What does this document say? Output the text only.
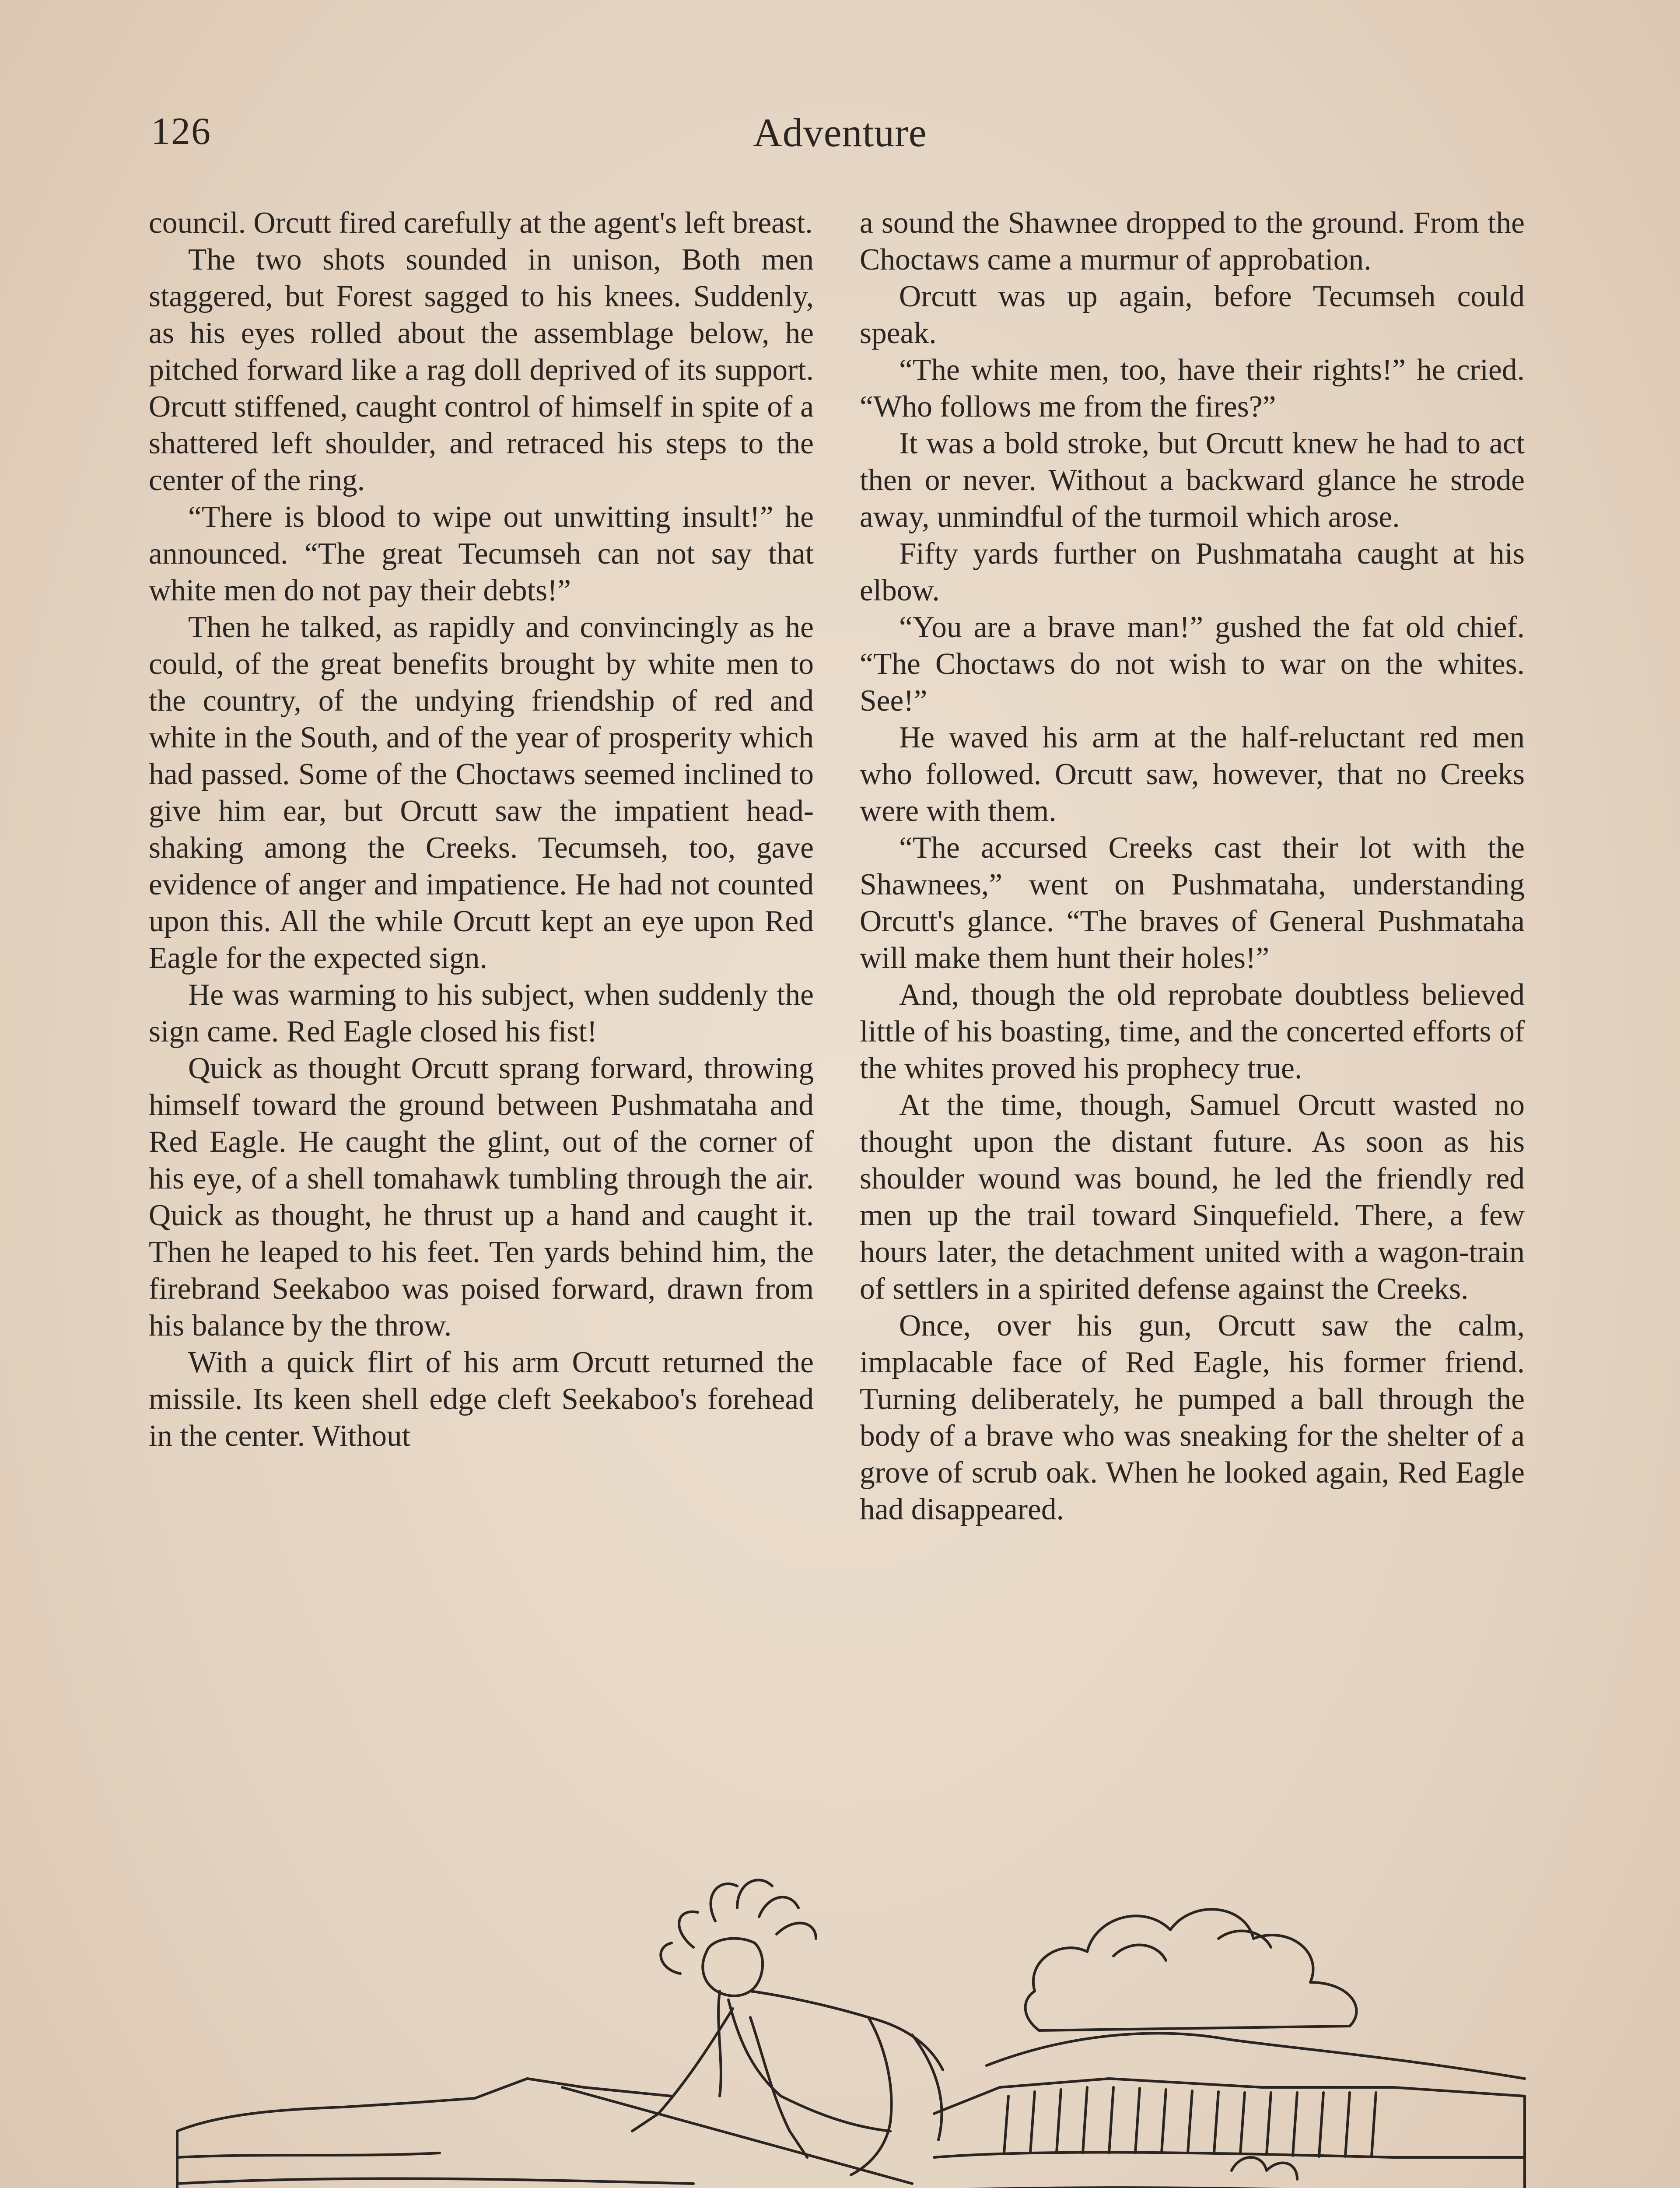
126	Adventure

council. Orcutt fired carefully at the agent's left breast.

The two shots sounded in unison, Both men staggered, but Forest sagged to his knees. Suddenly, as his eyes rolled about the assemblage below, he pitched forward like a rag doll deprived of its support. Orcutt stiffened, caught control of himself in spite of a shattered left shoulder, and retraced his steps to the center of the ring.

“There is blood to wipe out unwitting insult!” he announced. “The great Tecumseh can not say that white men do not pay their debts!”

Then he talked, as rapidly and convincingly as he could, of the great benefits brought by white men to the country, of the undying friendship of red and white in the South, and of the year of prosperity which had passed. Some of the Choctaws seemed inclined to give him ear, but Orcutt saw the impatient head-shaking among the Creeks. Tecumseh, too, gave evidence of anger and impatience. He had not counted upon this. All the while Orcutt kept an eye upon Red Eagle for the expected sign.

He was warming to his subject, when suddenly the sign came. Red Eagle closed his fist!

Quick as thought Orcutt sprang forward, throwing himself toward the ground between Pushmataha and Red Eagle. He caught the glint, out of the corner of his eye, of a shell tomahawk tumbling through the air. Quick as thought, he thrust up a hand and caught it. Then he leaped to his feet. Ten yards behind him, the firebrand Seekaboo was poised forward, drawn from his balance by the throw.

With a quick flirt of his arm Orcutt returned the missile. Its keen shell edge cleft Seekaboo's forehead in the center. Without

a sound the Shawnee dropped to the ground. From the Choctaws came a murmur of approbation.

Orcutt was up again, before Tecumseh could speak.

“The white men, too, have their rights!” he cried. “Who follows me from the fires?”

It was a bold stroke, but Orcutt knew he had to act then or never. Without a backward glance he strode away, unmindful of the turmoil which arose.

Fifty yards further on Pushmataha caught at his elbow.

“You are a brave man!” gushed the fat old chief. “The Choctaws do not wish to war on the whites. See!”

He waved his arm at the half-reluctant red men who followed. Orcutt saw, however, that no Creeks were with them.

“The accursed Creeks cast their lot with the Shawnees,” went on Pushmataha, understanding Orcutt's glance. “The braves of General Pushmataha will make them hunt their holes!”

And, though the old reprobate doubtless believed little of his boasting, time, and the concerted efforts of the whites proved his prophecy true.

At the time, though, Samuel Orcutt wasted no thought upon the distant future. As soon as his shoulder wound was bound, he led the friendly red men up the trail toward Sinquefield. There, a few hours later, the detachment united with a wagon-train of settlers in a spirited defense against the Creeks.

Once, over his gun, Orcutt saw the calm, implacable face of Red Eagle, his former friend. Turning deliberately, he pumped a ball through the body of a brave who was sneaking for the shelter of a grove of scrub oak. When he looked again, Red Eagle had disappeared.
